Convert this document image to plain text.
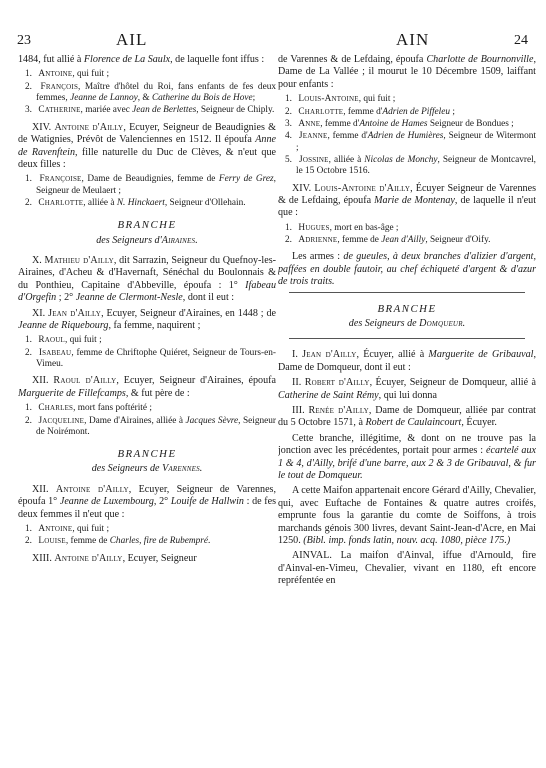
23	AIL	AIN	24

1484, fut allié à Florence de La Saulx, de laquelle font iffus :

1. Antoine, qui fuit ;
2. François, Maître d'hôtel du Roi, fans enfants de fes deux femmes, Jeanne de Lannoy, & Catherine du Bois de Hove;
3. Catherine, mariée avec Jean de Berlettes, Seigneur de Chiply.

XIV. Antoine d'Ailly, Ecuyer, Seigneur de Beaudignies & de Watignies, Prévôt de Valenciennes en 1512. Il époufa Anne de Ravenftein, fille naturelle du Duc de Clèves, & n'eut que deux filles :

1. Françoise, Dame de Beaudignies, femme de Ferry de Grez, Seigneur de Meulaert ;
2. Charlotte, alliée à N. Hinckaert, Seigneur d'Ollehain.
BRANCHE
des Seigneurs d'Airaines.

X. Mathieu d'Ailly, dit Sarrazin, Seigneur du Quefnoy-les-Airaines, d'Acheu & d'Havernaft, Sénéchal du Boulonnais & du Ponthieu, Capitaine d'Abbeville, époufa : 1° Ifabeau d'Orgefin ; 2° Jeanne de Clermont-Nesle, dont il eut :

XI. Jean d'Ailly, Ecuyer, Seigneur d'Airaines, en 1448 ; de Jeanne de Riquebourg, fa femme, naquirent ;

1. Raoul, qui fuit ;
2. Isabeau, femme de Chriftophe Quiéret, Seigneur de Tours-en-Vimeu.

XII. Raoul d'Ailly, Ecuyer, Seigneur d'Airaines, époufa Marguerite de Fillefcamps, & fut père de :

1. Charles, mort fans poftérité ;
2. Jacqueline, Dame d'Airaines, alliée à Jacques Sèvre, Seigneur de Noirémont.
BRANCHE
des Seigneurs de Varennes.

XII. Antoine d'Ailly, Ecuyer, Seigneur de Varennes, époufa 1° Jeanne de Luxembourg, 2° Louife de Hallwin : de fes deux femmes il n'eut que :

1. Antoine, qui fuit ;
2. Louise, femme de Charles, fire de Rubempré.

XIII. Antoine d'Ailly, Ecuyer, Seigneur

de Varennes & de Lefdaing, époufa Charlotte de Bournonville, Dame de La Vallée ; il mourut le 10 Décembre 1509, laiffant pour enfants :

1. Louis-Antoine, qui fuit ;
2. Charlotte, femme d'Adrien de Piffeleu ;
3. Anne, femme d'Antoine de Hames Seigneur de Bondues ;
4. Jeanne, femme d'Adrien de Humières, Seigneur de Witermont ;
5. Jossine, alliée à Nicolas de Monchy, Seigneur de Montcavrel, le 15 Octobre 1516.

XIV. Louis-Antoine d'Ailly, Écuyer Seigneur de Varennes & de Lefdaing, époufa Marie de Montenay, de laquelle il n'eut que :

1. Hugues, mort en bas-âge ;
2. Adrienne, femme de Jean d'Ailly, Seigneur d'Oify.

Les armes : de gueules, à deux branches d'alizier d'argent, paffées en double fautoir, au chef échiqueté d'argent & d'azur de trois traits.

BRANCHE
des Seigneurs de Domqueur.

I. Jean d'Ailly, Écuyer, allié à Marguerite de Gribauval, Dame de Domqueur, dont il eut :

II. Robert d'Ailly, Écuyer, Seigneur de Domqueur, allié à Catherine de Saint Rémy, qui lui donna

III. Renée d'Ailly, Dame de Domqueur, alliée par contrat du 5 Octobre 1571, à Robert de Caulaincourt, Écuyer.

Cette branche, illégitime, & dont on ne trouve pas la jonction avec les précédentes, portait pour armes : écartelé aux 1 & 4, d'Ailly, brifé d'une barre, aux 2 & 3 de Gribauval, & fur le tout de Domqueur.

A cette Maifon appartenait encore Gérard d'Ailly, Chevalier, qui, avec Euftache de Fontaines & quatre autres croifés, emprunte fous la garantie du comte de Soiffons, à trois marchands génois 300 livres, devant Saint-Jean-d'Acre, en Mai 1250. (Bibl. imp. fonds latin, nouv. acq. 1080, pièce 175.)

AINVAL. La maifon d'Ainval, iffue d'Arnould, fire d'Ainval-en-Vimeu, Chevalier, vivant en 1180, eft encore repréfentée en
